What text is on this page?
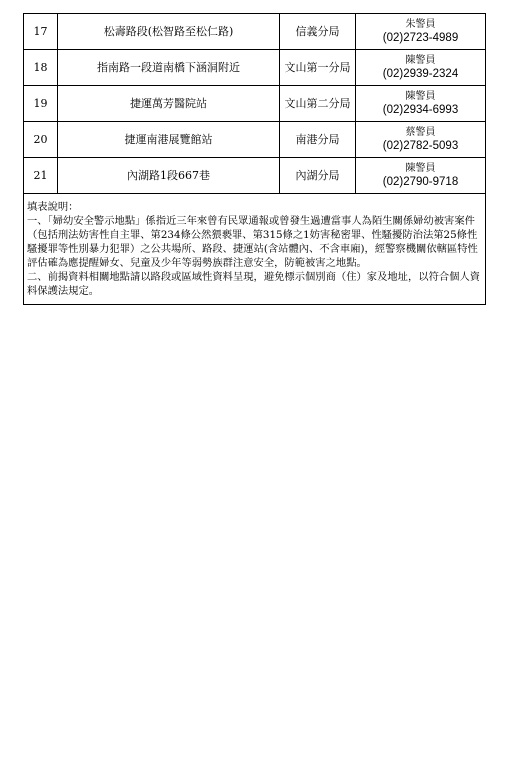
17	松壽路段(松智路至松仁路)	信義分局	朱警員
(02)2723-4989

18	指南路一段道南橋下涵洞附近	文山第一分局	陳警員
(02)2939-2324

19	捷運萬芳醫院站	文山第二分局	陳警員
(02)2934-6993

20	捷運南港展覽館站	南港分局	蔡警員
(02)2782-5093

21	內湖路1段667巷	內湖分局	陳警員
(02)2790-9718

填表說明：

一、「婦幼安全警示地點」係指近三年來曾有民眾通報或曾發生過遭當事人為陌生關係婦幼被害案件（包括刑法妨害性自主罪、第234條公然猥褻罪、第315條之1妨害秘密罪、性騷擾防治法第25條性騷擾罪等性別暴力犯罪）之公共場所、路段、捷運站(含站體內、不含車廂)，經警察機關依轄區特性評估確為應提醒婦女、兒童及少年等弱勢族群注意安全，防範被害之地點。

二、前揭資料相關地點請以路段或區域性資料呈現，避免標示個別商（住）家及地址，以符合個人資料保護法規定。			
